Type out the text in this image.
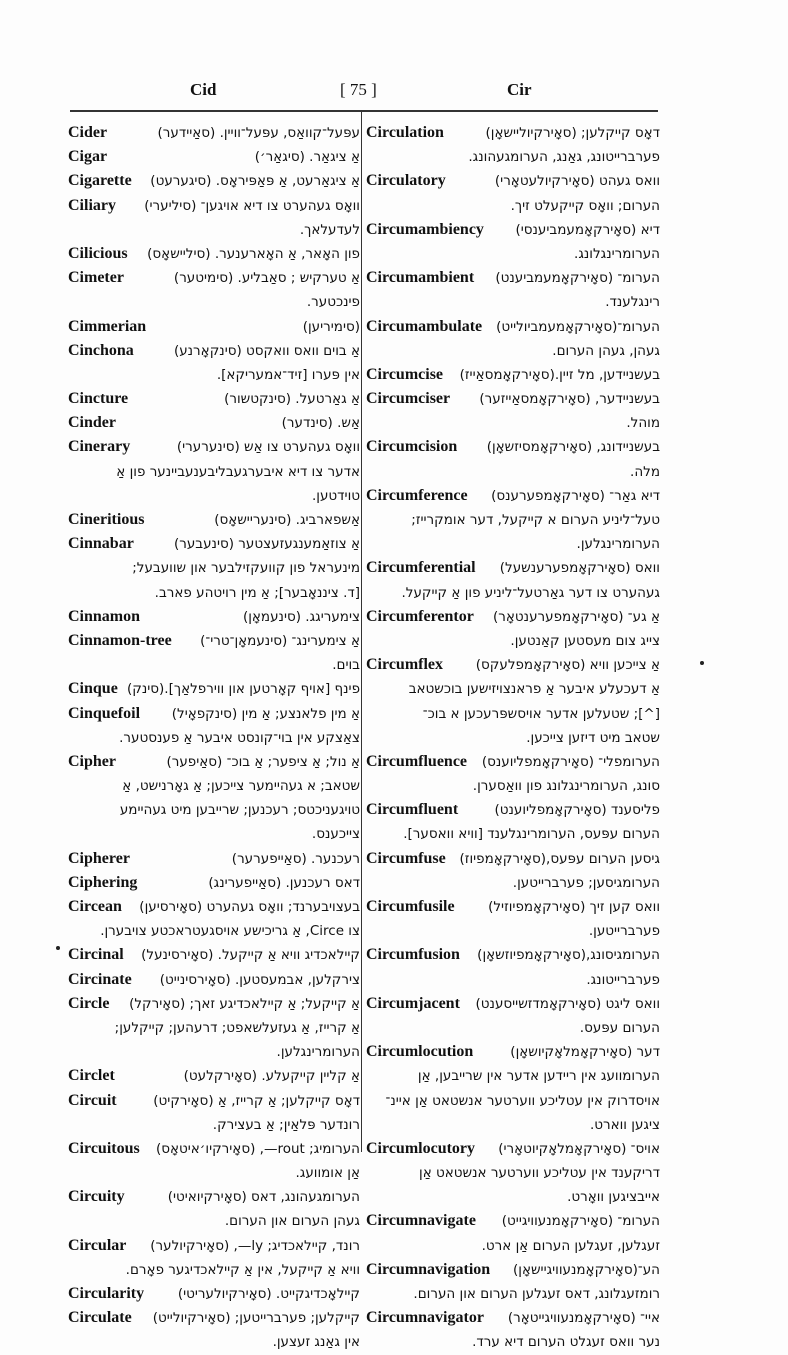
Cid	[ 75 ]	Cir
Cider	עפּעל־קוואַס, עפּעל־וויין. (סאַיידער)
Cigar	אַ ציגאַר. (סיגאַר׳)
Cigarette אַ ציגאַרעט, אַ פּאַפּיראָס. (סיגערעט)
Ciliary וואָס געהערט צו דיא אויגען־ (סיליערי)
לעדעלאך.
Cilicious פון האָאר, אַ האָארענער. (סיליישאָס)
Cimeter	אַ טערקיש ; סאַבליע. (סימיטער)
פינכטער.
Cimmerian	(סימיריען)
Cinchona	אַ בוים וואס וואקסט (סינקאָרנע)
אין פּערו [זיד־אמעריקא].
Cincture	אַ גאַרטעל. (סינקטשור)
Cinder	אַש. (סינדער)
Cinerary	וואָס געהערט צו אַש (סינערערי)
אדער צו דיא איבערגעבליבענעביינער פון אַ
טוידטען.
Cineritious	אַשפארביג. (סינעריישאָס)
Cinnabar	אַ צוזאַמענגעזעצטער (סינעבער)
מינעראל פון קוועקזילבער און שוועבעל;
[ד. ציננאָבער]; אַ מין רויטהע פארב.
Cinnamon	צימעריגג. (סינעמאָן)
Cinnamon-tree אַ צימערינג־ (סינעמאָן־טרי־)
בוים.
Cinque פינף [אויף קאָרטען און ווירפלאַך].(סינק)
Cinquefoil אַ מין פלאנצע; אַ מין (סינקפאָיל)
צאַצקע אין בוי־קונסט איבער אַ פענסטער.
Cipher	אַ נול; אַ ציפער; אַ בוכ־ (סאַיפער)
שטאב; א געהיימער צייכען; אַ גאָרנישט, אַ
טויגעניכטס; רעכנען; שרייבען מיט געהיימע
צייכענס.
Cipherer	רעכנער. (סאַייפערער)
Ciphering	דאס רעכנען. (סאַייפערינג)
Circean בעצויבערנד; וואָס געהערט (סאָירסיען)
צו Circe, אַ גריכישע אויסגעטראכטע צויבערן.
Circinal קיילאכדיג וויא אַ קייקעל. (סאָירסינעל)
Circinate צירקלען, אבמעסטען. (סאָירסינייט)
Circle אַ קייקעל; אַ קיילאכדיגע זאך; (סאָירקל)
אַ קרייז, אַ געזעלשאפט; דרעהען; קייקלען;
הערומרינגלען.
Circlet	אַ קליין קייקעלע. (סאָירקלעט)
Circuit	דאָס קייקלען; אַ קרייז, אַ (סאָירקיט)
רונדער פּלאַין; אַ בעצירק.
Circuitous הערומיג; rout—, (סאָירקיו׳איטאָס)
אַן אומוועג.
Circuity	הערומגעהונג, דאס (סאָירקיואיטי)
געהן הערום און הערום.
Circular רונד, קיילאכדיג; ly—, (סאָירקיולער)
וויא אַ קייקעל, אין אַ קיילאכדיגער פאָרם.
Circularity קיילאָכדיגקייט. (סאָירקיולעריטי)
Circulate קייקלען; פערברייטען; (סאָירקיולייט)
אין גאַנג זעצען.
Circulation	דאָס קייקלען; (סאָירקיוליישאָן)
פערברייטונג, גאַנג, הערומגעהונג.
Circulatory	וואס געהט (סאָירקיולעטאָרי)
הערום; וואָס קייקעלט זיך.
Circumambiency דיא (סאָירקאָמעמביענסי)
הערומרינגלונג.
Circumambient הערומ־ (סאָירקאָמעמביענט)
רינגלענד.
Circumambulate הערומ־(סאָירקאָמעמביולייט)
געהן, געהן הערום.
Circumcise בעשניידען, מל זיין.(סאָירקאָמסאַייז)
Circumciser בעשניידער, (סאָירקאָמסאַייזער)
מוהל.
Circumcision בעשניידונג, (סאָירקאָמסיזשאָן)
מלה.
Circumference דיא גאַר־ (סאָירקאָמפערענס)
טעל־ליניע הערום א קייקעל, דער אומקרייז;
הערומרינגלען.
Circumferential וואס (סאָירקאָמפערענשעל)
געהערט צו דער גאַרטעל־ליניע פון אַ קייקעל.
Circumferentor אַ גע־ (סאָירקאָמפערענטאָר)
צייג צום מעסטען קאַנטען.
Circumflex אַ צייכען וויא (סאָירקאָמפלעקס)
אַ דעכעלע איבער אַ פראנצויזישען בוכשטאב
[^]; שטעלען אדער אויסשפּרעכען א בוכ־
שטאב מיט דיזען צייכען.
Circumfluence הערומפלי־ (סאָירקאָמפליוענס)
סונג, הערומרינגלונג פון וואַסערן.
Circumfluent	פליסענד (סאָירקאָמפליוענט)
הערום עפּעס, הערומרינגלענד [וויא וואסער].
Circumfuse גיסען הערום עפּעס,(סאָירקאָמפיוז)
הערומגיסען; פערברייטען.
Circumfusile וואס קען זיך (סאָירקאָמפיוזיל)
פערברייטען.
Circumfusion הערומגיסונג,(סאָירקאָמפיוזשאָן)
פערברייטונג.
Circumjacent וואס ליגט (סאָירקאָמדזשייסענט)
הערום עפּעס.
Circumlocution	דער (סאָירקאָמלאָקיושאָן)
הערומוועג אין ריידען אדער אין שרייבען, אַן
אויסדרוק אין עטליכע ווערטער אנשטאט אַן איינ־
ציגען ווארט.
Circumlocutory אויס־ (סאָירקאָמלאָקיוטאָרי)
דריקענד אין עטליכע ווערטער אנשטאט אַן
אייבציגען וואָרט.
Circumnavigate הערומ־ (סאָירקאָמנעוויגייט)
זעגלען, זעגלען הערום אַן ארט.
Circumnavigation הע־(סאָירקאָמנעוויגיישאָן)
רומזעגלונג, דאס זעגלען הערום און הערום.
Circumnavigator איי־ (סאָירקאָמנעוויגייטאָר)
נער וואס זעגלט הערום דיא ערד.
